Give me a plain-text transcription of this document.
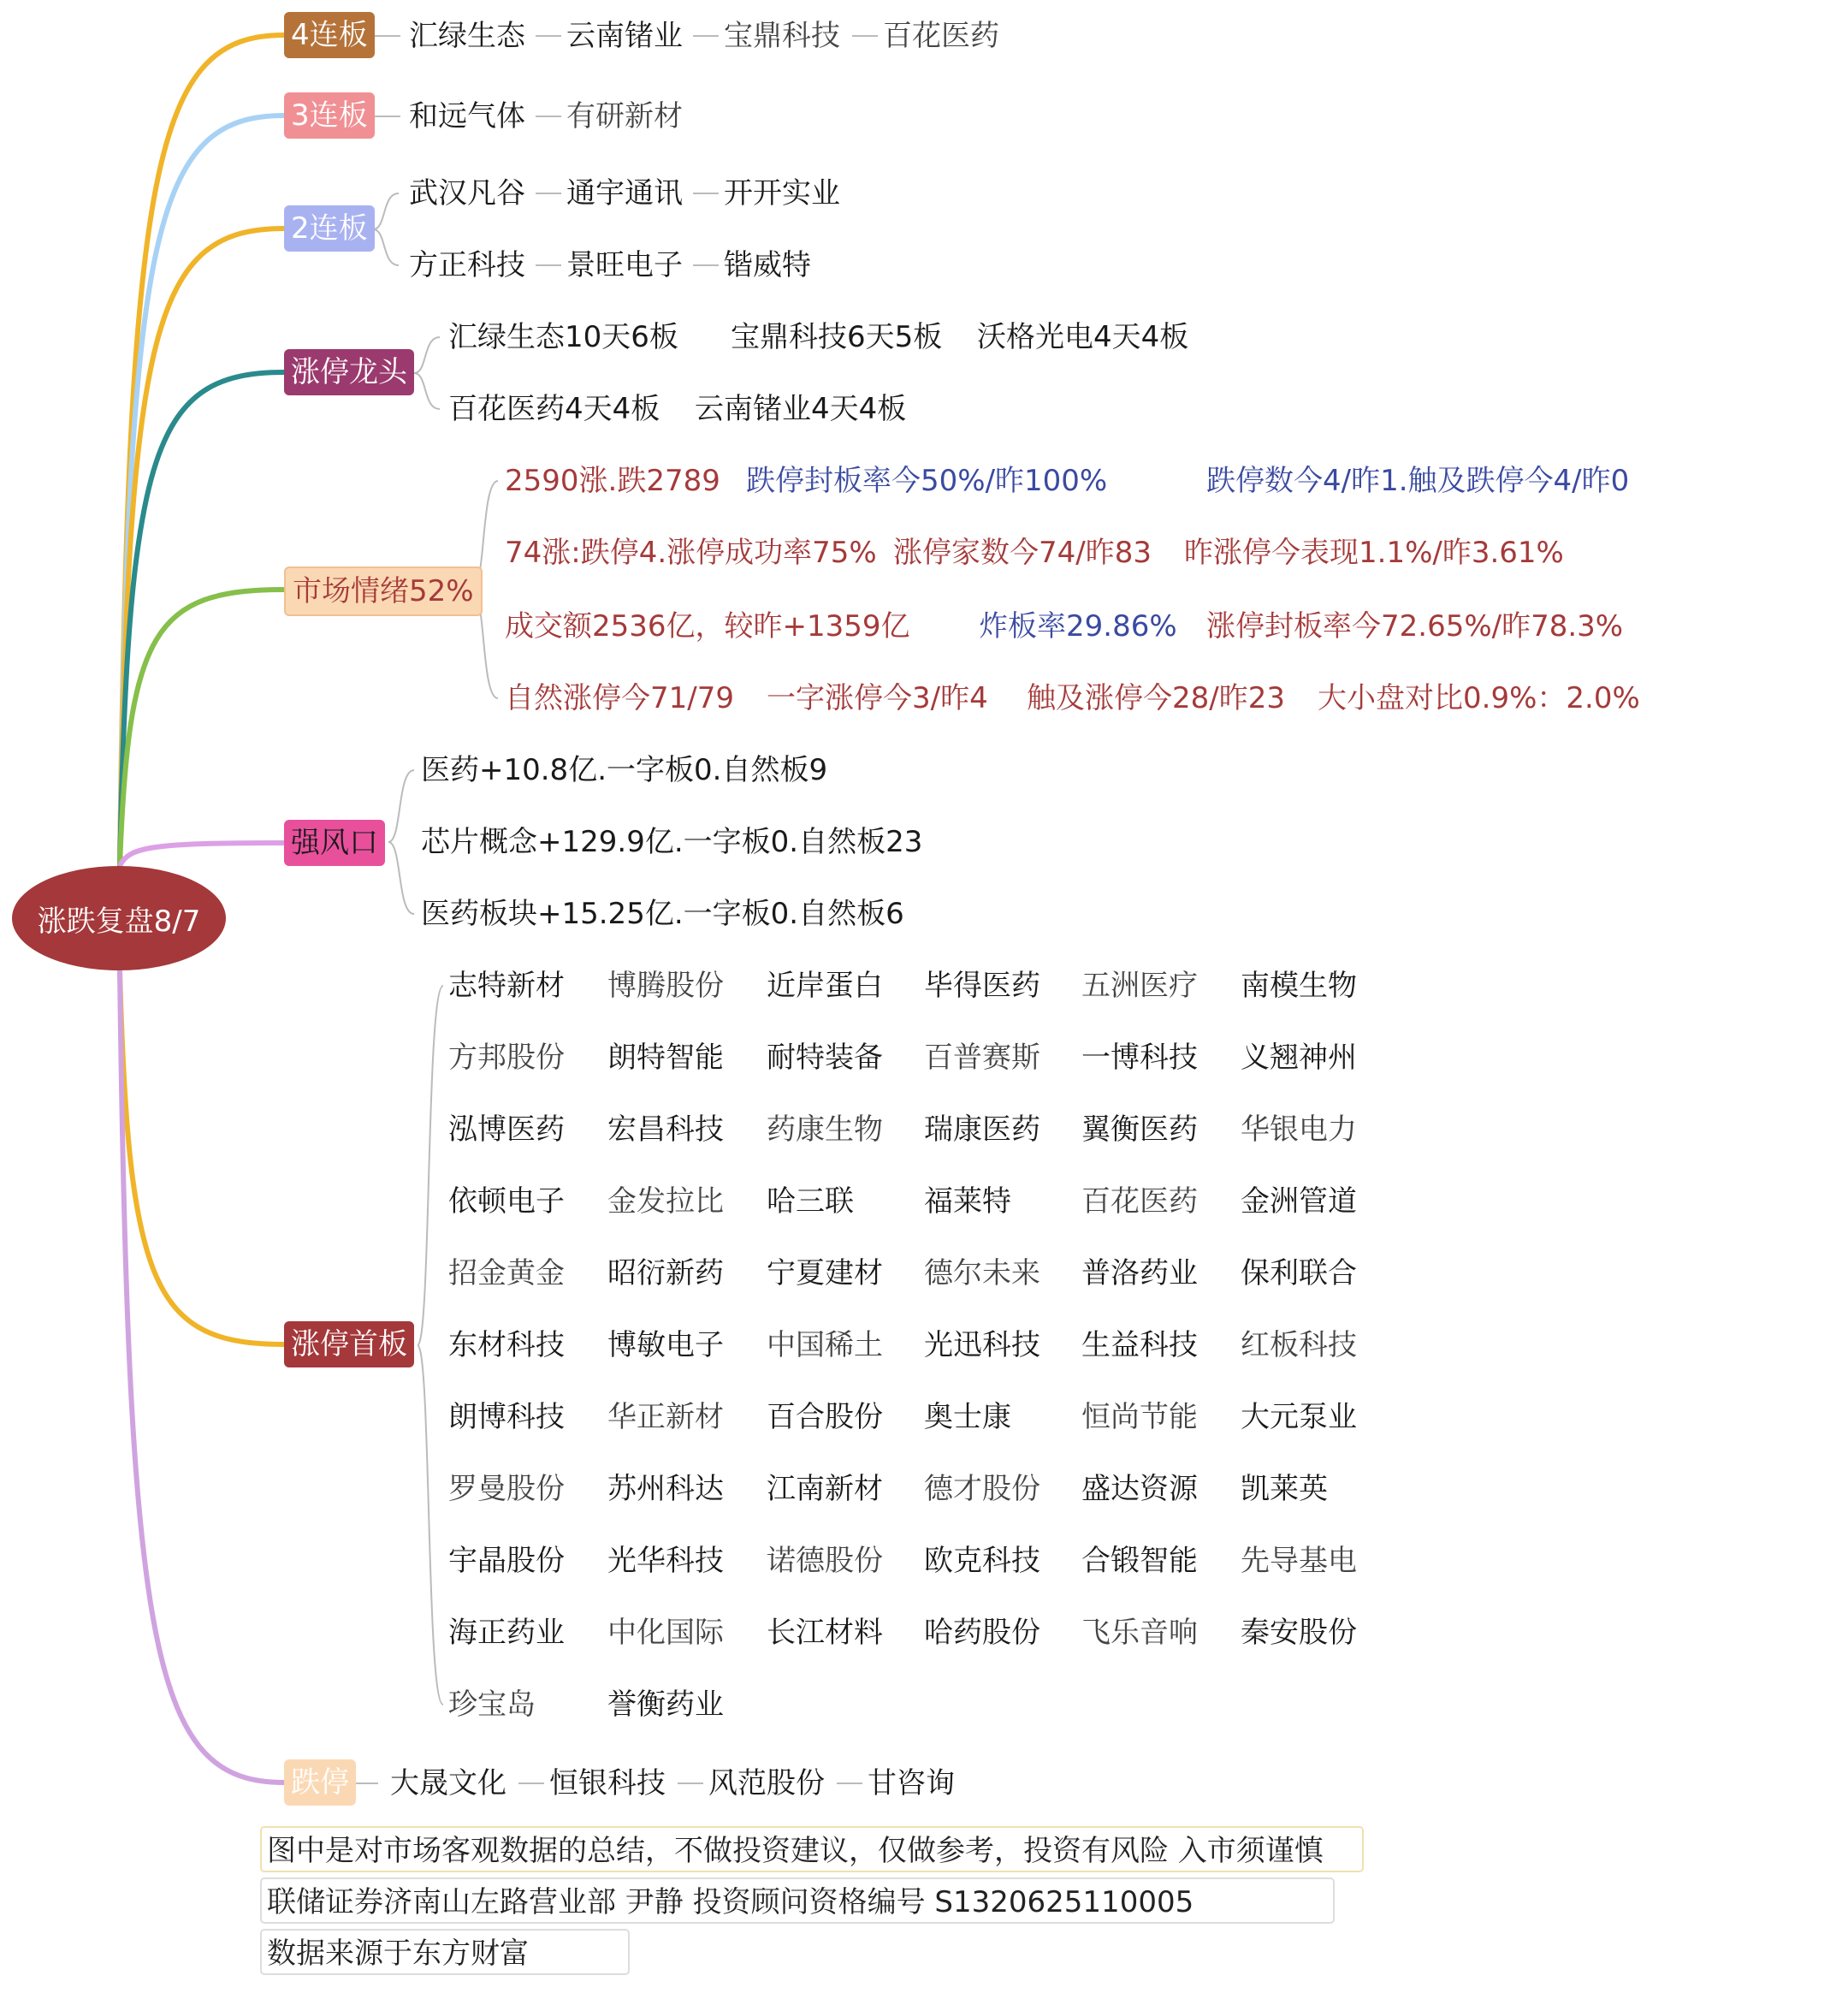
涨跌复盘8/7
4连板
3连板
2连板
涨停龙头
市场情绪52%
强风口
涨停首板
跌停
汇绿生态 云南锗业 宝鼎科技 百花医药
和远气体 有研新材
武汉凡谷 通宇通讯 开开实业
方正科技 景旺电子 锴威特
汇绿生态10天6板 宝鼎科技6天5板 沃格光电4天4板
百花医药4天4板 云南锗业4天4板
2590涨.跌2789 跌停封板率今50%/昨100%	跌停数今4/昨1.触及跌停今4/昨0
74涨:跌停4.涨停成功率75% 涨停家数今74/昨83 昨涨停今表现1.1%/昨3.61%
成交额2536亿，较昨+1359亿 炸板率29.86% 涨停封板率今72.65%/昨78.3%
自然涨停今71/79 一字涨停今3/昨4 触及涨停今28/昨23 大小盘对比0.9%：2.0%
医药+10.8亿.一字板0.自然板9
芯片概念+129.9亿.一字板0.自然板23
医药板块+15.25亿.一字板0.自然板6
志特新材 博腾股份 近岸蛋白 毕得医药 五洲医疗 南模生物
方邦股份 朗特智能 耐特装备 百普赛斯 一博科技 义翘神州
泓博医药 宏昌科技 药康生物 瑞康医药 翼衡医药 华银电力
依顿电子 金发拉比 哈三联 福莱特 百花医药 金洲管道
招金黄金 昭衍新药 宁夏建材 德尔未来 普洛药业 保利联合
东材科技 博敏电子 中国稀土 光迅科技 生益科技 红板科技
朗博科技 华正新材 百合股份 奥士康 恒尚节能 大元泵业
罗曼股份 苏州科达 江南新材 德才股份 盛达资源 凯莱英
宇晶股份 光华科技 诺德股份 欧克科技 合锻智能 先导基电
海正药业 中化国际 长江材料 哈药股份 飞乐音响 秦安股份
珍宝岛 誉衡药业
大晟文化 恒银科技 风范股份 甘咨询
图中是对市场客观数据的总结，不做投资建议，仅做参考，投资有风险 入市须谨慎
联储证券济南山左路营业部 尹静 投资顾问资格编号 S1320625110005
数据来源于东方财富
